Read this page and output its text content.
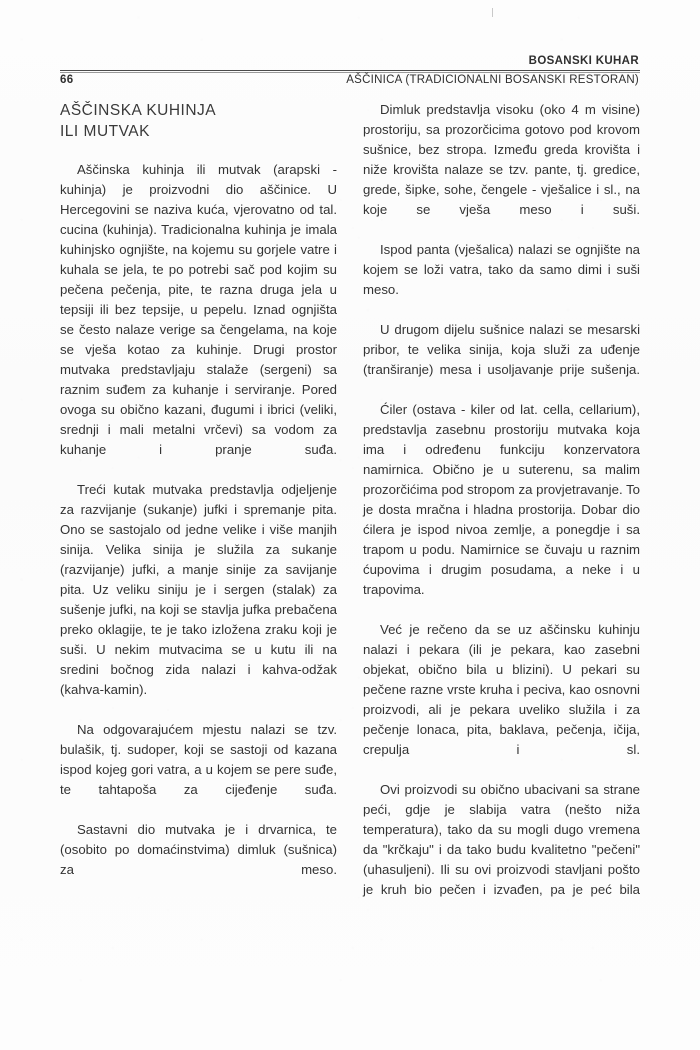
BOSANSKI KUHAR
66	AŠČINICA (TRADICIONALNI BOSANSKI RESTORAN)
AŠČINSKA KUHINJA
ILI MUTVAK

Aščinska kuhinja ili mutvak (arapski - kuhinja) je proizvodni dio aščinice. U Hercegovini se naziva kuća, vjerovatno od tal. cucina (kuhinja). Tradicionalna kuhinja je imala kuhinjsko ognjište, na kojemu su gorjele vatre i kuhala se jela, te po potrebi sač pod kojim su pečena pečenja, pite, te razna druga jela u tepsiji ili bez tepsije, u pepelu. Iznad ognjišta se često nalaze verige sa čengelama, na koje se vješa kotao za kuhinje. Drugi prostor mutvaka predstavljaju stalaže (sergeni) sa raznim suđem za kuhanje i serviranje. Pored ovoga su obično kazani, đugumi i ibrici (veliki, srednji i mali metalni vrčevi) sa vodom za kuhanje i pranje suđa.

Treći kutak mutvaka predstavlja odjeljenje za razvijanje (sukanje) jufki i spremanje pita. Ono se sastojalo od jedne velike i više manjih sinija. Velika sinija je služila za sukanje (razvijanje) jufki, a manje sinije za savijanje pita. Uz veliku siniju je i sergen (stalak) za sušenje jufki, na koji se stavlja jufka prebačena preko oklagije, te je tako izložena zraku koji je suši. U nekim mutvacima se u kutu ili na sredini bočnog zida nalazi i kahva-odžak (kahva-kamin).

Na odgovarajućem mjestu nalazi se tzv. bulašik, tj. sudoper, koji se sastoji od kazana ispod kojeg gori vatra, a u kojem se pere suđe, te tahtapoša za cijeđenje suđa.

Sastavni dio mutvaka je i drvarnica, te (osobito po domaćinstvima) dimluk (sušnica) za meso.

Dimluk predstavlja visoku (oko 4 m visine) prostoriju, sa prozorčicima gotovo pod krovom sušnice, bez stropa. Između greda krovišta i niže krovišta nalaze se tzv. pante, tj. gredice, grede, šipke, sohe, čengele - vješalice i sl., na koje se vješa meso i suši.

Ispod panta (vješalica) nalazi se ognjište na kojem se loži vatra, tako da samo dimi i suši meso.

U drugom dijelu sušnice nalazi se mesarski pribor, te velika sinija, koja služi za uđenje (tranširanje) mesa i usoljavanje prije sušenja.

Ćiler (ostava - kiler od lat. cella, cellarium), predstavlja zasebnu prostoriju mutvaka koja ima i određenu funkciju konzervatora namirnica. Obično je u suterenu, sa malim prozorčićima pod stropom za provjetravanje. To je dosta mračna i hladna prostorija. Dobar dio ćilera je ispod nivoa zemlje, a ponegdje i sa trapom u podu. Namirnice se čuvaju u raznim ćupovima i drugim posudama, a neke i u trapovima.

Već je rečeno da se uz aščinsku kuhinju nalazi i pekara (ili je pekara, kao zasebni objekat, obično bila u blizini). U pekari su pečene razne vrste kruha i peciva, kao osnovni proizvodi, ali je pekara uveliko služila i za pečenje lonaca, pita, baklava, pečenja, ičija, crepulja i sl.

Ovi proizvodi su obično ubacivani sa strane peći, gdje je slabija vatra (nešto niža temperatura), tako da su mogli dugo vremena da "krčkaju" i da tako budu kvalitetno "pečeni" (uhasuljeni). Ili su ovi proizvodi stavljani pošto je kruh bio pečen i izvađen, pa je peć bila
